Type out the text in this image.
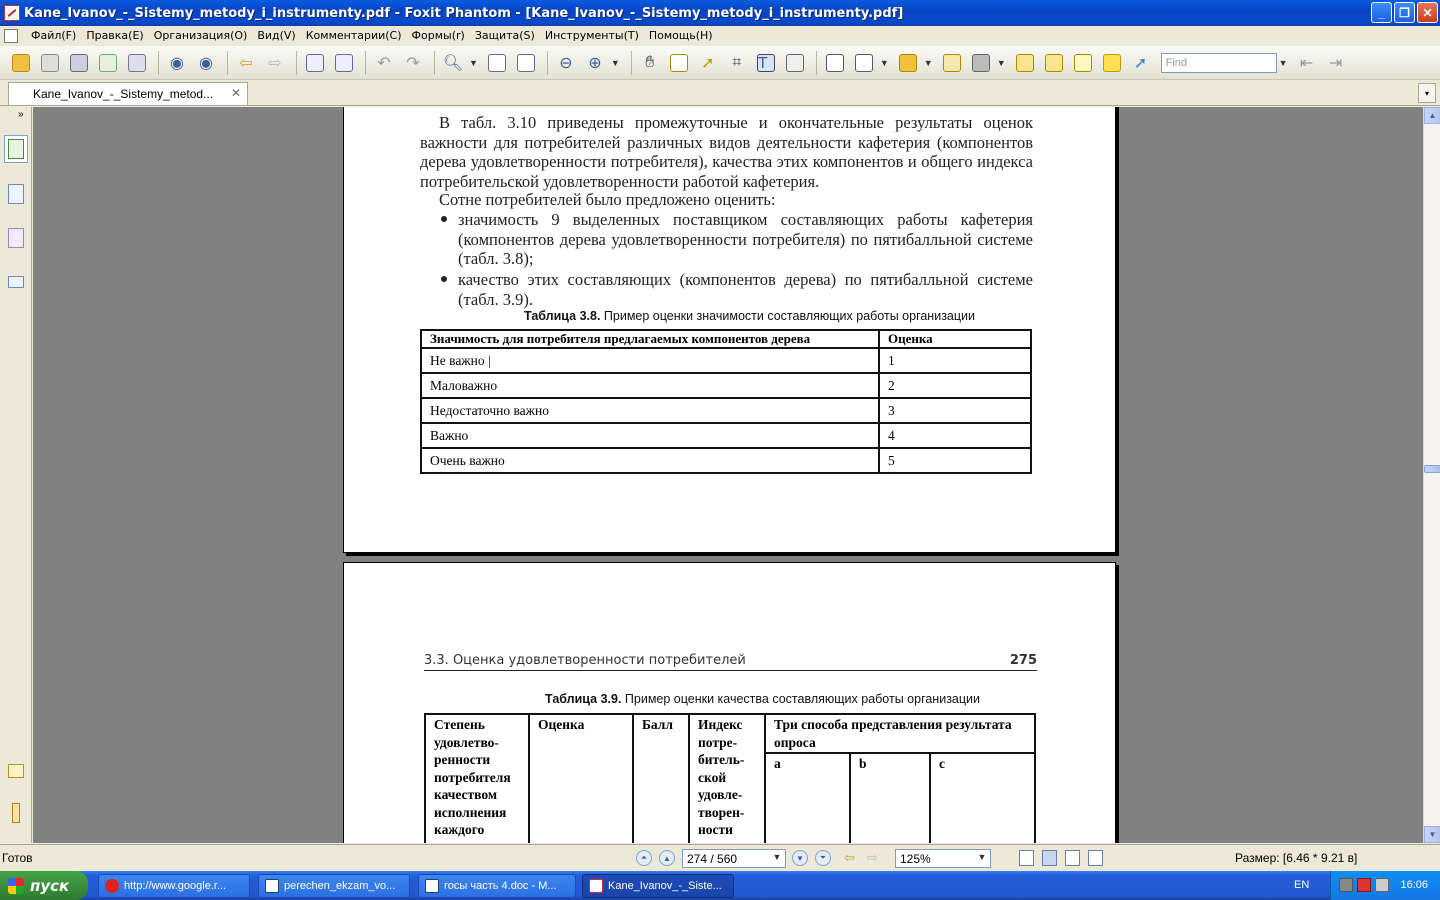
Kane_Ivanov_-_Sistemy_metody_i_instrumenty.pdf - Foxit Phantom - [Kane_Ivanov_-_Sistemy_metody_i_instrumenty.pdf]	_	❐	✕
Файл(F) Правка(E) Организация(O) Вид(V) Комментарии(C) Формы(r) Защита(S) Инструменты(T) Помощь(H)
◉ ◉	⇦ ⇨	↶ ↷	🔍︎ ▼	⊖ ⊕	▼	✋︎	➚	⌗	T	▼	▼	▼	➚	Find	▼ ⇤ ⇥
Kane_Ivanov_-_Sistemy_metod... ✕	▾
»	В табл. 3.10 приведены промежуточные и окончательные результаты оценок важности для потребителей различных видов деятельности кафетерия (компонентов дерева удовлетворенности потребителя), качества этих компонентов и общего индекса потребительской удовлетворенности работой кафетерия.
Сотне потребителей было предложено оценить:
значимость 9 выделенных поставщиком составляющих работы кафетерия (компонентов дерева удовлетворенности потребителя) по пятибалльной системе (табл. 3.8);
качество этих составляющих (компонентов дерева) по пятибалльной системе (табл. 3.9).
Таблица 3.8. Пример оценки значимости составляющих работы организации
Значимость для потребителя предлагаемых компонентов дерева	Оценка
Не важно |	1
Маловажно	2
Недостаточно важно	3
Важно	4
Очень важно	5
3.3. Оценка удовлетворенности потребителей	275
Таблица 3.9. Пример оценки качества составляющих работы организации
Степень удовлетво-ренности потребителя качеством исполнения каждого	Оценка	Балл	Индекс потре-битель-ской удовле-творен-ности	Три способа представления результата опроса		
				a	b	c
▲
▼
Готов	⏶	▲	274 / 560	▼	▼	⏷	⇦ ⇨	125%	▼	Размер: [6.46 * 9.21 в]
пуск	http://www.google.r...	perechen_ekzam_vo...	госы часть 4.doc - M...	Kane_Ivanov_-_Siste...	EN	16:06
